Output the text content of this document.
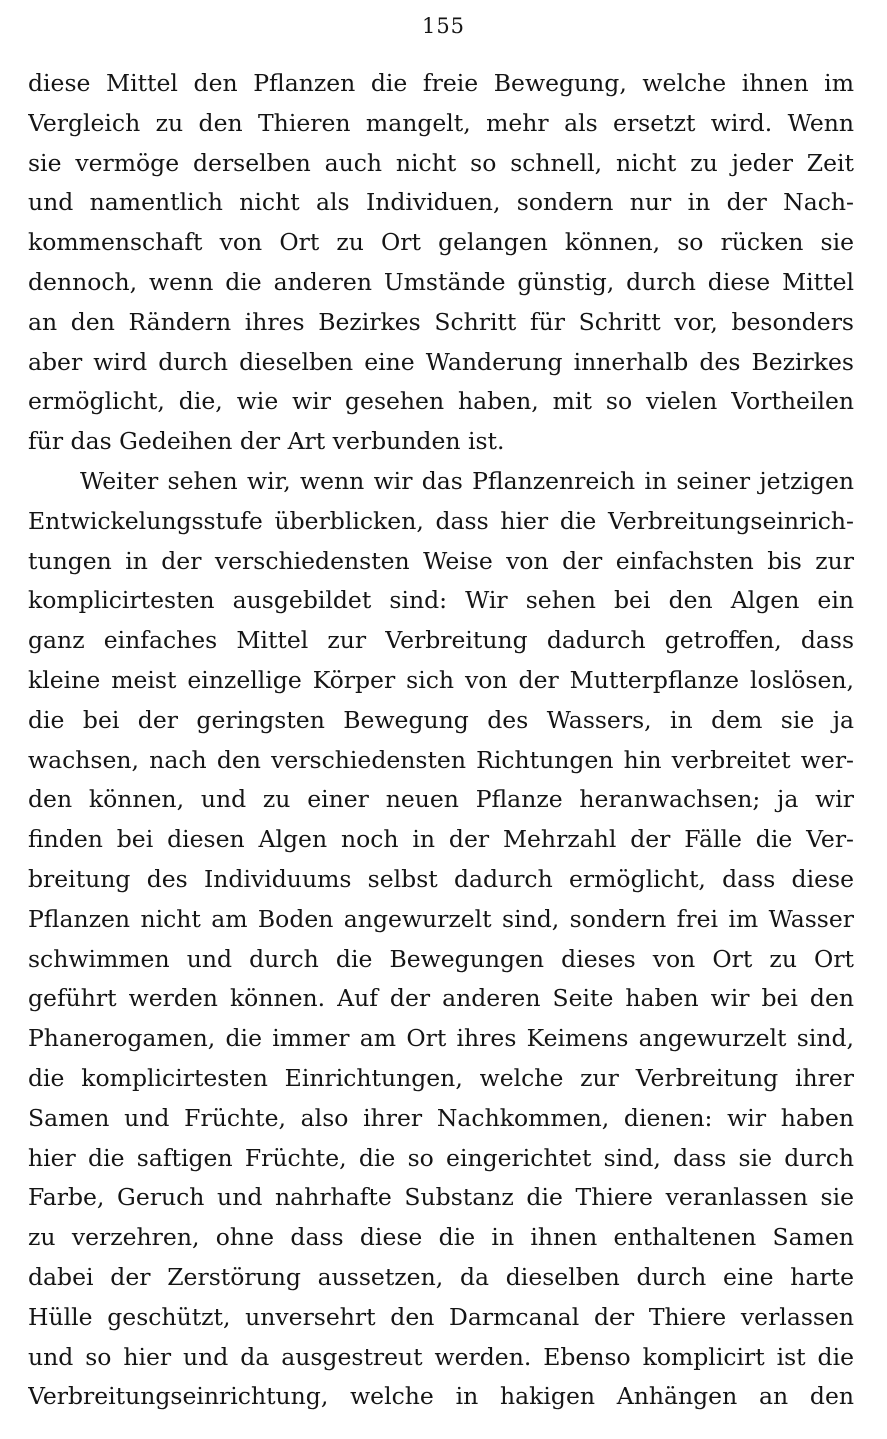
155
diese Mittel den Pflanzen die freie Bewegung, welche ihnen im
Vergleich zu den Thieren mangelt, mehr als ersetzt wird. Wenn
sie vermöge derselben auch nicht so schnell, nicht zu jeder Zeit
und namentlich nicht als Individuen, sondern nur in der Nach-
kommenschaft von Ort zu Ort gelangen können, so rücken sie
dennoch, wenn die anderen Umstände günstig, durch diese Mittel
an den Rändern ihres Bezirkes Schritt für Schritt vor, besonders
aber wird durch dieselben eine Wanderung innerhalb des Bezirkes
ermöglicht, die, wie wir gesehen haben, mit so vielen Vortheilen
für das Gedeihen der Art verbunden ist.
Weiter sehen wir, wenn wir das Pflanzenreich in seiner jetzigen
Entwickelungsstufe überblicken, dass hier die Verbreitungseinrich-
tungen in der verschiedensten Weise von der einfachsten bis zur
komplicirtesten ausgebildet sind: Wir sehen bei den Algen ein
ganz einfaches Mittel zur Verbreitung dadurch getroffen, dass
kleine meist einzellige Körper sich von der Mutterpflanze loslösen,
die bei der geringsten Bewegung des Wassers, in dem sie ja
wachsen, nach den verschiedensten Richtungen hin verbreitet wer-
den können, und zu einer neuen Pflanze heranwachsen; ja wir
finden bei diesen Algen noch in der Mehrzahl der Fälle die Ver-
breitung des Individuums selbst dadurch ermöglicht, dass diese
Pflanzen nicht am Boden angewurzelt sind, sondern frei im Wasser
schwimmen und durch die Bewegungen dieses von Ort zu Ort
geführt werden können. Auf der anderen Seite haben wir bei den
Phanerogamen, die immer am Ort ihres Keimens angewurzelt sind,
die komplicirtesten Einrichtungen, welche zur Verbreitung ihrer
Samen und Früchte, also ihrer Nachkommen, dienen: wir haben
hier die saftigen Früchte, die so eingerichtet sind, dass sie durch
Farbe, Geruch und nahrhafte Substanz die Thiere veranlassen sie
zu verzehren, ohne dass diese die in ihnen enthaltenen Samen
dabei der Zerstörung aussetzen, da dieselben durch eine harte
Hülle geschützt, unversehrt den Darmcanal der Thiere verlassen
und so hier und da ausgestreut werden. Ebenso komplicirt ist die
Verbreitungseinrichtung, welche in hakigen Anhängen an den
